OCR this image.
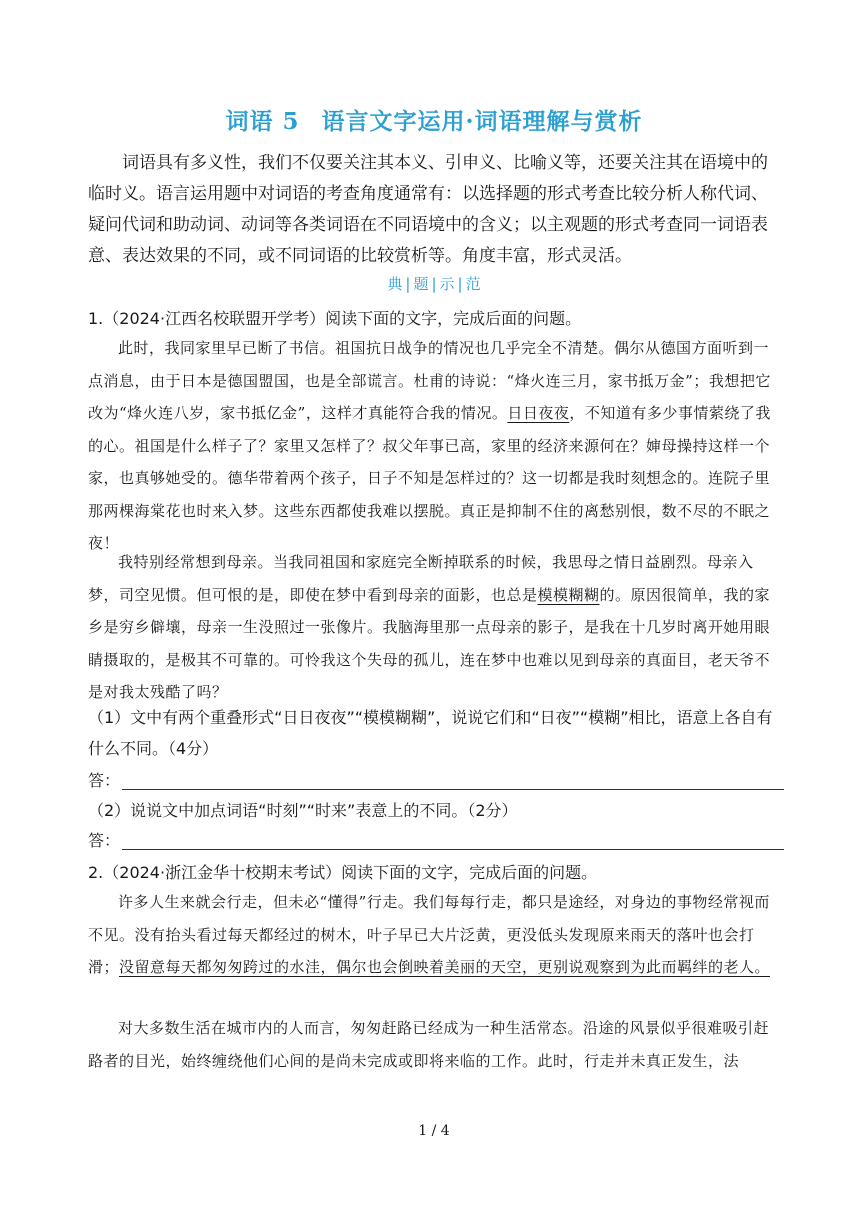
词语 5 语言文字运用·词语理解与赏析

词语具有多义性，我们不仅要关注其本义、引申义、比喻义等，还要关注其在语境中的临时义。语言运用题中对词语的考查角度通常有：以选择题的形式考查比较分析人称代词、疑问代词和助动词、动词等各类词语在不同语境中的含义；以主观题的形式考查同一词语表意、表达效果的不同，或不同词语的比较赏析等。角度丰富，形式灵活。

典 | 题 | 示 | 范

1.（2024·江西名校联盟开学考）阅读下面的文字，完成后面的问题。

此时，我同家里早已断了书信。祖国抗日战争的情况也几乎完全不清楚。偶尔从德国方面听到一点消息，由于日本是德国盟国，也是全部谎言。杜甫的诗说：“烽火连三月，家书抵万金”；我想把它改为“烽火连八岁，家书抵亿金”，这样才真能符合我的情况。日日夜夜，不知道有多少事情萦绕了我的心。祖国是什么样子了？家里又怎样了？叔父年事已高，家里的经济来源何在？婶母操持这样一个家，也真够她受的。德华带着两个孩子，日子不知是怎样过的？这一切都是我时刻想念的。连院子里那两棵海棠花也时来入梦。这些东西都使我难以摆脱。真正是抑制不住的离愁别恨，数不尽的不眠之夜！

我特别经常想到母亲。当我同祖国和家庭完全断掉联系的时候，我思母之情日益剧烈。母亲入梦，司空见惯。但可恨的是，即使在梦中看到母亲的面影，也总是模模糊糊的。原因很简单，我的家乡是穷乡僻壤，母亲一生没照过一张像片。我脑海里那一点母亲的影子，是我在十几岁时离开她用眼睛摄取的，是极其不可靠的。可怜我这个失母的孤儿，连在梦中也难以见到母亲的真面目，老天爷不是对我太残酷了吗？

（1）文中有两个重叠形式“日日夜夜”“模模糊糊”，说说它们和“日夜”“模糊”相比，语意上各自有什么不同。（4分）

答：

（2）说说文中加点词语“时刻”“时来”表意上的不同。（2分）

答：

2.（2024·浙江金华十校期末考试）阅读下面的文字，完成后面的问题。

许多人生来就会行走，但未必“懂得”行走。我们每每行走，都只是途经，对身边的事物经常视而不见。没有抬头看过每天都经过的树木，叶子早已大片泛黄，更没低头发现原来雨天的落叶也会打滑；没留意每天都匆匆跨过的水洼，偶尔也会倒映着美丽的天空，更别说观察到为此而羁绊的老人。

对大多数生活在城市内的人而言，匆匆赶路已经成为一种生活常态。沿途的风景似乎很难吸引赶路者的目光，始终缠绕他们心间的是尚未完成或即将来临的工作。此时，行走并未真正发生，法

1 / 4
